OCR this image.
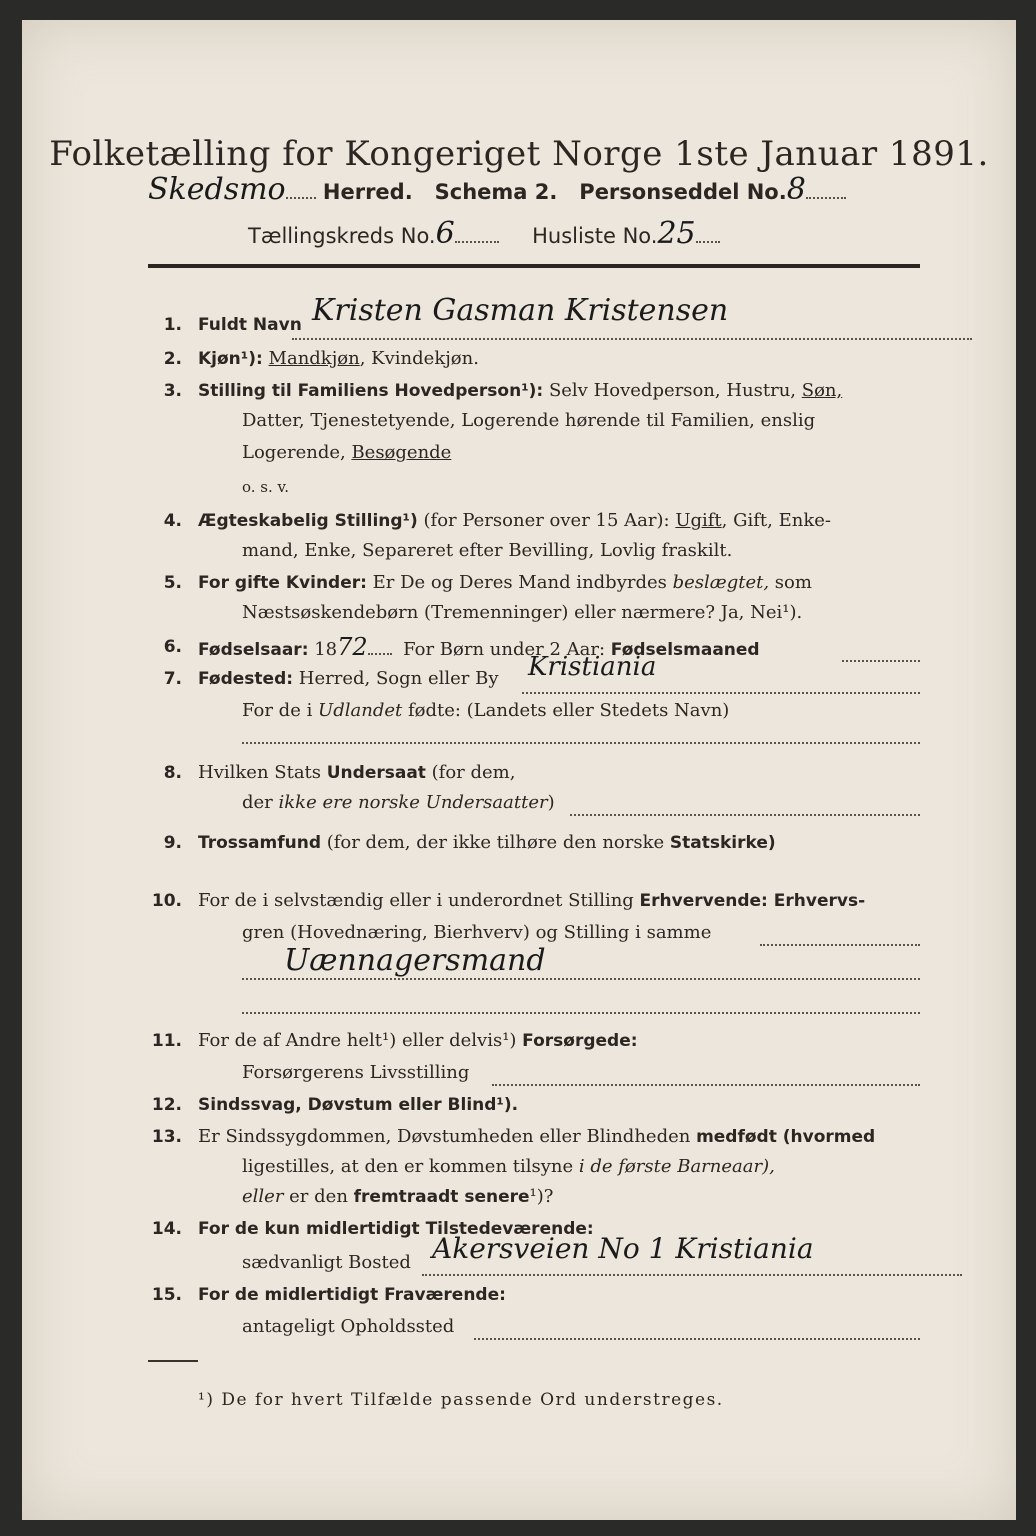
Folketælling for Kongeriget Norge 1ste Januar 1891.
Skedsmo Herred. Schema 2. Personseddel No.8
Tællingskreds No.6	Husliste No.25
1. Fuldt Navn Kristen Gasman Kristensen
2. Kjøn¹): Mandkjøn, Kvindekjøn.
3. Stilling til Familiens Hovedperson¹): Selv Hovedperson, Hustru, Søn,
Datter, Tjenestetyende, Logerende hørende til Familien, enslig
Logerende, Besøgende
o. s. v.
4. Ægteskabelig Stilling¹) (for Personer over 15 Aar): Ugift, Gift, Enke-
mand, Enke, Separeret efter Bevilling, Lovlig fraskilt.
5. For gifte Kvinder: Er De og Deres Mand indbyrdes beslægtet, som
Næstsøskendebørn (Tremenninger) eller nærmere? Ja, Nei¹).
6. Fødselsaar: 1872 For Børn under 2 Aar: Fødselsmaaned
7. Fødested: Herred, Sogn eller By Kristiania
For de i Udlandet fødte: (Landets eller Stedets Navn)
8. Hvilken Stats Undersaat (for dem,
der ikke ere norske Undersaatter)
9. Trossamfund (for dem, der ikke tilhøre den norske Statskirke)
10. For de i selvstændig eller i underordnet Stilling Erhvervende: Erhvervs-
gren (Hovednæring, Bierhverv) og Stilling i samme
Uænnagersmand
11. For de af Andre helt¹) eller delvis¹) Forsørgede:
Forsørgerens Livsstilling
12. Sindssvag, Døvstum eller Blind¹).
13. Er Sindssygdommen, Døvstumheden eller Blindheden medfødt (hvormed
ligestilles, at den er kommen tilsyne i de første Barneaar),
eller er den fremtraadt senere¹)?
14. For de kun midlertidigt Tilstedeværende:
sædvanligt Bosted Akersveien No 1 Kristiania
15. For de midlertidigt Fraværende:
antageligt Opholdssted
¹) De for hvert Tilfælde passende Ord understreges.
